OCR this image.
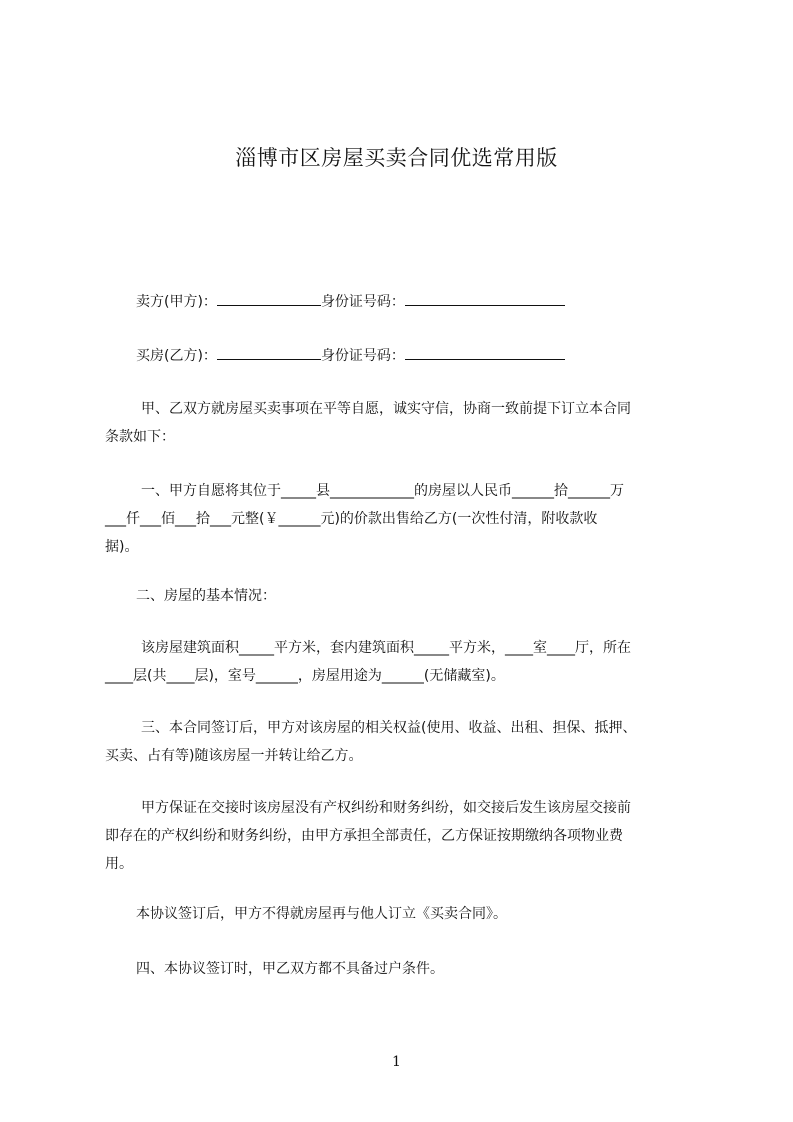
淄博市区房屋买卖合同优选常用版
卖方(甲方)：	身份证号码：
买房(乙方)：	身份证号码：
甲、乙双方就房屋买卖事项在平等自愿，诚实守信，协商一致前提下订立本合同
条款如下：
一、甲方自愿将其位于_____县____________的房屋以人民币______拾______万
___仟___佰___拾___元整(￥______元)的价款出售给乙方(一次性付清，附收款收
据)。
二、房屋的基本情况：
该房屋建筑面积_____平方米，套内建筑面积_____平方米，____室____厅，所在
____层(共____层)，室号______，房屋用途为______(无储藏室)。
三、本合同签订后，甲方对该房屋的相关权益(使用、收益、出租、担保、抵押、
买卖、占有等)随该房屋一并转让给乙方。
甲方保证在交接时该房屋没有产权纠纷和财务纠纷，如交接后发生该房屋交接前
即存在的产权纠纷和财务纠纷，由甲方承担全部责任，乙方保证按期缴纳各项物业费
用。
本协议签订后，甲方不得就房屋再与他人订立《买卖合同》。
四、本协议签订时，甲乙双方都不具备过户条件。
1
